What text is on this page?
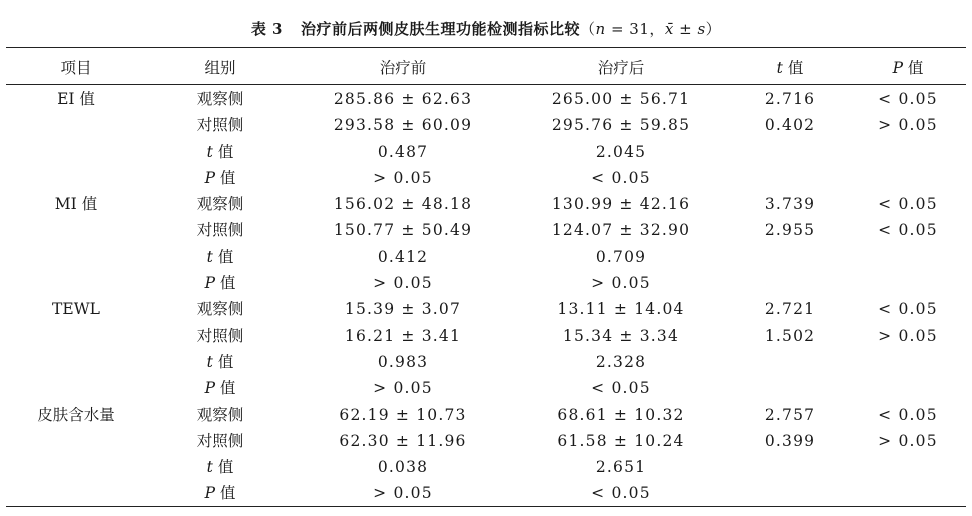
表 3 治疗前后两侧皮肤生理功能检测指标比较（n = 31，x̄ ± s）
项目	组别	治疗前	治疗后	t 值	P 值
EI 值	观察侧	285.86 ± 62.63	265.00 ± 56.71	2.716	< 0.05
	对照侧	293.58 ± 60.09	295.76 ± 59.85	0.402	> 0.05
	t 值	0.487	2.045		
	P 值	> 0.05	< 0.05		
MI 值	观察侧	156.02 ± 48.18	130.99 ± 42.16	3.739	< 0.05
	对照侧	150.77 ± 50.49	124.07 ± 32.90	2.955	< 0.05
	t 值	0.412	0.709		
	P 值	> 0.05	> 0.05		
TEWL	观察侧	15.39 ± 3.07	13.11 ± 14.04	2.721	< 0.05
	对照侧	16.21 ± 3.41	15.34 ± 3.34	1.502	> 0.05
	t 值	0.983	2.328		
	P 值	> 0.05	< 0.05		
皮肤含水量	观察侧	62.19 ± 10.73	68.61 ± 10.32	2.757	< 0.05
	对照侧	62.30 ± 11.96	61.58 ± 10.24	0.399	> 0.05
	t 值	0.038	2.651		
	P 值	> 0.05	< 0.05		
